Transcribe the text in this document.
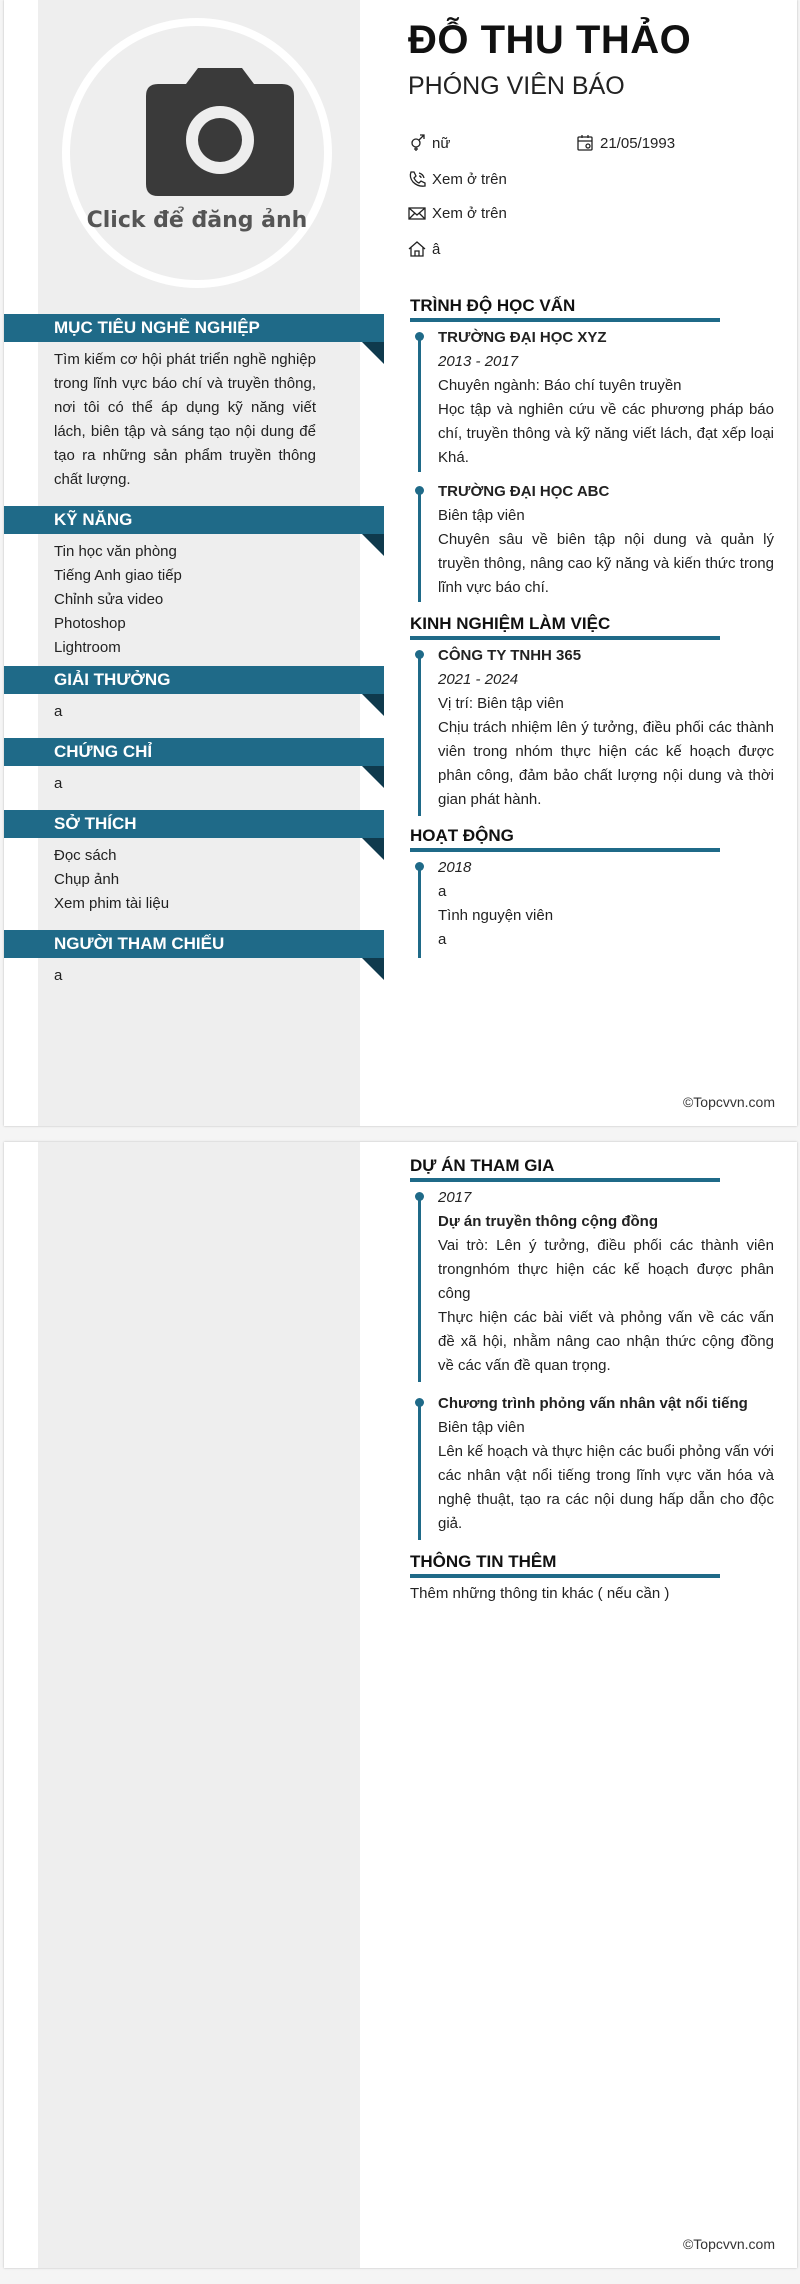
Click để đăng ảnh
MỤC TIÊU NGHỀ NGHIỆP
Tìm kiếm cơ hội phát triển nghề nghiệp trong lĩnh vực báo chí và truyền thông, nơi tôi có thể áp dụng kỹ năng viết lách, biên tập và sáng tạo nội dung để tạo ra những sản phẩm truyền thông chất lượng.
KỸ NĂNG
Tin học văn phòng
Tiếng Anh giao tiếp
Chỉnh sửa video
Photoshop
Lightroom
GIẢI THƯỞNG
a
CHỨNG CHỈ
a
SỞ THÍCH
Đọc sách
Chụp ảnh
Xem phim tài liệu
NGƯỜI THAM CHIẾU
a
ĐỖ THU THẢO
PHÓNG VIÊN BÁO
nữ	21/05/1993
Xem ở trên
Xem ở trên
â
TRÌNH ĐỘ HỌC VẤN
TRƯỜNG ĐẠI HỌC XYZ
2013 - 2017
Chuyên ngành: Báo chí tuyên truyền
Học tập và nghiên cứu về các phương pháp báo chí, truyền thông và kỹ năng viết lách, đạt xếp loại Khá.
TRƯỜNG ĐẠI HỌC ABC
Biên tập viên
Chuyên sâu về biên tập nội dung và quản lý truyền thông, nâng cao kỹ năng và kiến thức trong lĩnh vực báo chí.
KINH NGHIỆM LÀM VIỆC
CÔNG TY TNHH 365
2021 - 2024
Vị trí: Biên tập viên
Chịu trách nhiệm lên ý tưởng, điều phối các thành viên trong nhóm thực hiện các kế hoạch được phân công, đảm bảo chất lượng nội dung và thời gian phát hành.
HOẠT ĐỘNG
2018
a
Tình nguyện viên
a
©Topcvvn.com
DỰ ÁN THAM GIA
2017
Dự án truyền thông cộng đồng
Vai trò: Lên ý tưởng, điều phối các thành viên trongnhóm thực hiện các kế hoạch được phân công
Thực hiện các bài viết và phỏng vấn về các vấn đề xã hội, nhằm nâng cao nhận thức cộng đồng về các vấn đề quan trọng.
Chương trình phỏng vấn nhân vật nổi tiếng
Biên tập viên
Lên kế hoạch và thực hiện các buổi phỏng vấn với các nhân vật nổi tiếng trong lĩnh vực văn hóa và nghệ thuật, tạo ra các nội dung hấp dẫn cho độc giả.
THÔNG TIN THÊM
Thêm những thông tin khác ( nếu cần )
©Topcvvn.com
